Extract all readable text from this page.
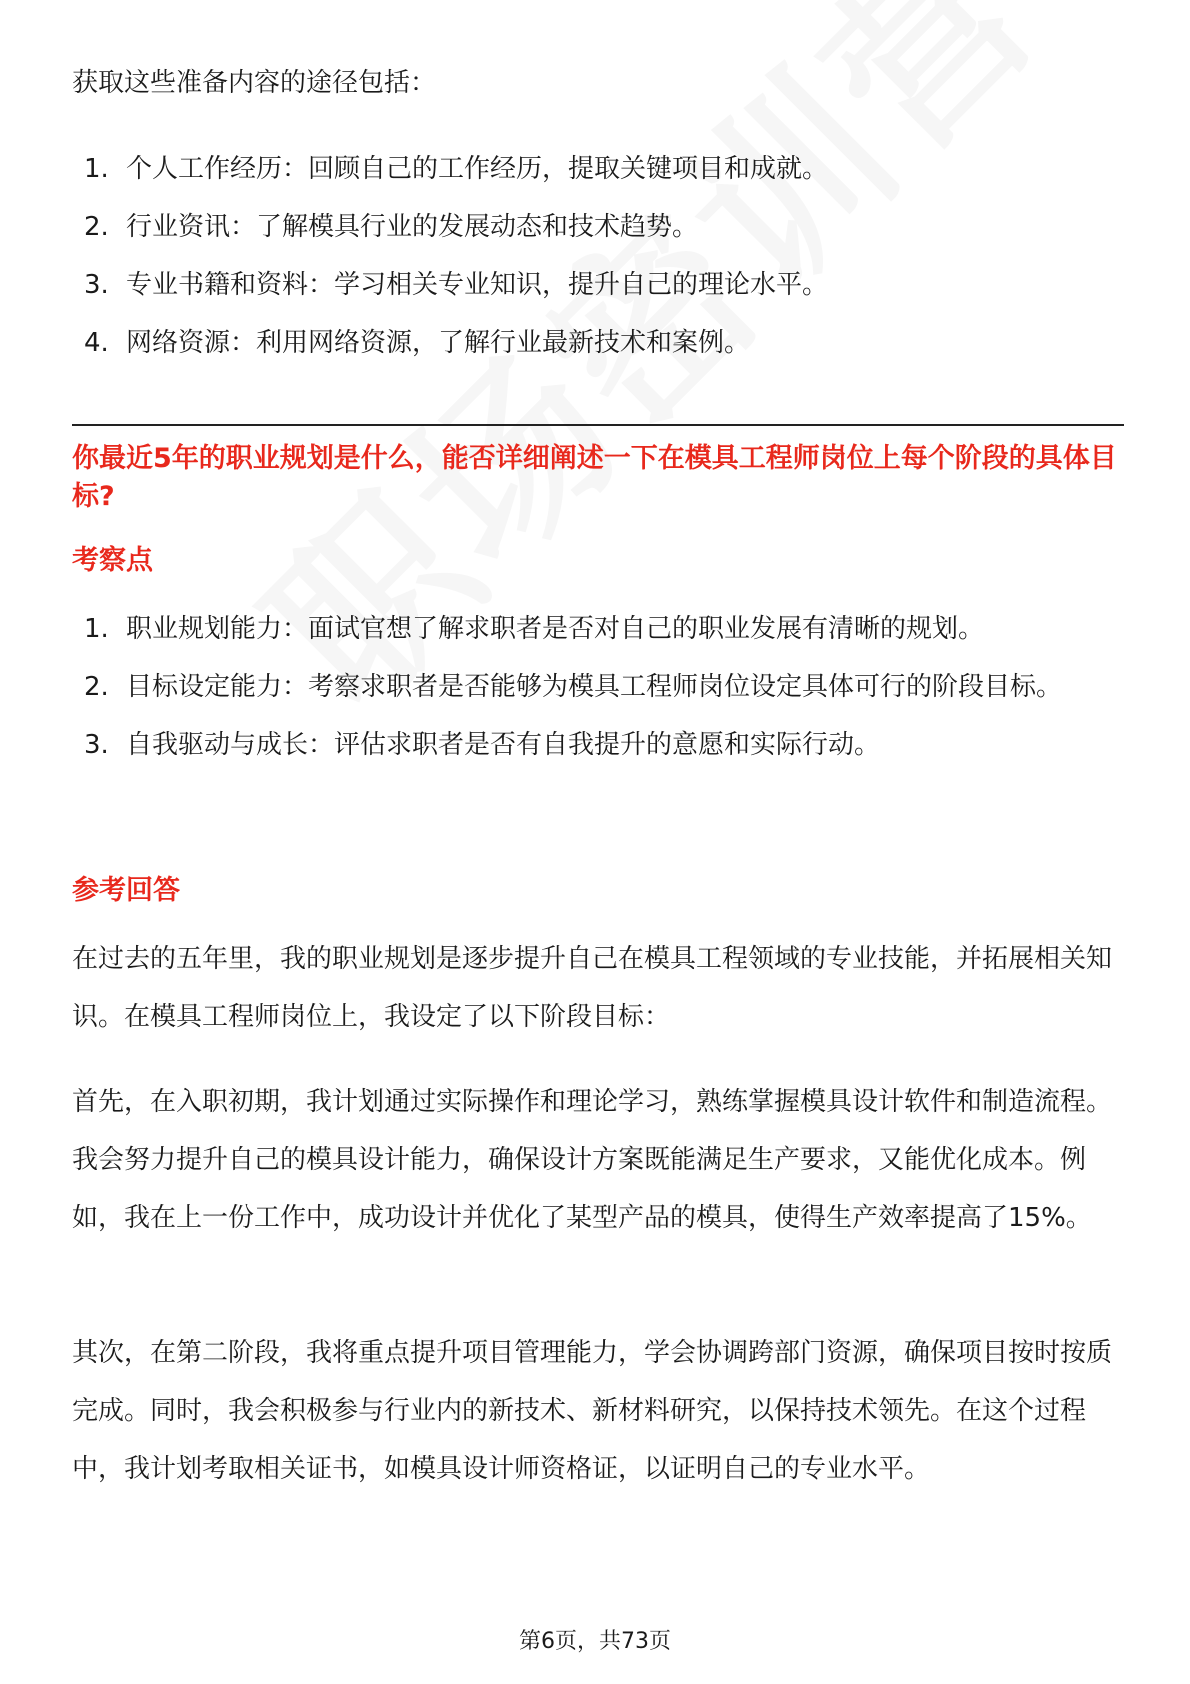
获取这些准备内容的途径包括：

1. 个人工作经历：回顾自己的工作经历，提取关键项目和成就。
2. 行业资讯：了解模具行业的发展动态和技术趋势。
3. 专业书籍和资料：学习相关专业知识，提升自己的理论水平。
4. 网络资源：利用网络资源，了解行业最新技术和案例。
你最近5年的职业规划是什么，能否详细阐述一下在模具工程师岗位上每个阶段的具体目标?
考察点
1. 职业规划能力：面试官想了解求职者是否对自己的职业发展有清晰的规划。
2. 目标设定能力：考察求职者是否能够为模具工程师岗位设定具体可行的阶段目标。
3. 自我驱动与成长：评估求职者是否有自我提升的意愿和实际行动。
参考回答

在过去的五年里，我的职业规划是逐步提升自己在模具工程领域的专业技能，并拓展相关知识。在模具工程师岗位上，我设定了以下阶段目标：

首先，在入职初期，我计划通过实际操作和理论学习，熟练掌握模具设计软件和制造流程。我会努力提升自己的模具设计能力，确保设计方案既能满足生产要求，又能优化成本。例如，我在上一份工作中，成功设计并优化了某型产品的模具，使得生产效率提高了15%。

其次，在第二阶段，我将重点提升项目管理能力，学会协调跨部门资源，确保项目按时按质完成。同时，我会积极参与行业内的新技术、新材料研究，以保持技术领先。在这个过程中，我计划考取相关证书，如模具设计师资格证，以证明自己的专业水平。

第6页，共73页
